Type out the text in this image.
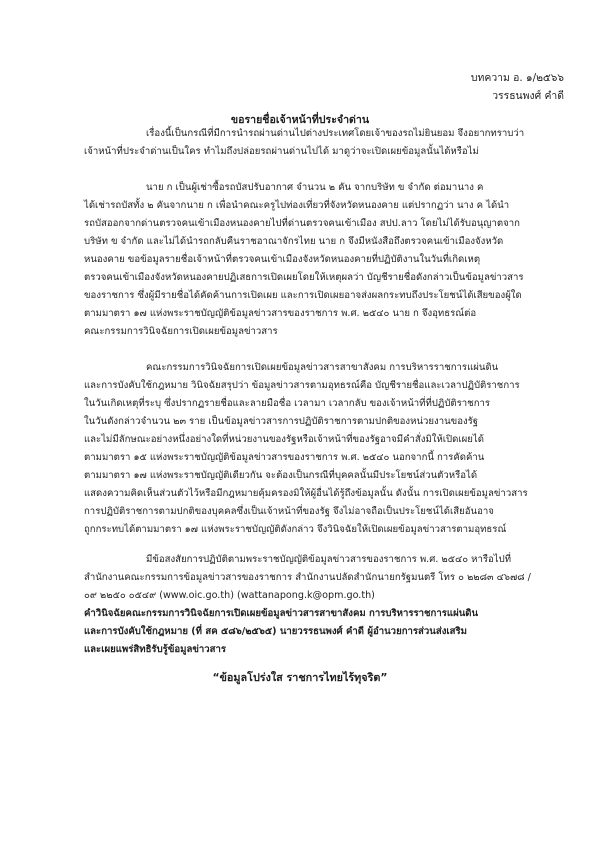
บทความ อ. ๑/๒๕๖๖
วรรธนพงศ์ คำดี
ขอรายชื่อเจ้าหน้าที่ประจำด่าน
เรื่องนี้เป็นกรณีที่มีการนำรถผ่านด่านไปต่างประเทศโดยเจ้าของรถไม่ยินยอม จึงอยากทราบว่า
เจ้าหน้าที่ประจำด่านเป็นใคร ทำไมถึงปล่อยรถผ่านด่านไปได้ มาดูว่าจะเปิดเผยข้อมูลนั้นได้หรือไม่
นาย ก เป็นผู้เช่าซื้อรถบัสปรับอากาศ จำนวน ๒ คัน จากบริษัท ข จำกัด ต่อมานาง ค
ได้เช่ารถบัสทั้ง ๒ คันจากนาย ก เพื่อนำคณะครูไปท่องเที่ยวที่จังหวัดหนองคาย แต่ปรากฏว่า นาง ค ได้นำ
รถบัสออกจากด่านตรวจคนเข้าเมืองหนองคายไปที่ด่านตรวจคนเข้าเมือง สปป.ลาว โดยไม่ได้รับอนุญาตจาก
บริษัท ข จำกัด และไม่ได้นำรถกลับคืนราชอาณาจักรไทย นาย ก จึงมีหนังสือถึงตรวจคนเข้าเมืองจังหวัด
หนองคาย ขอข้อมูลรายชื่อเจ้าหน้าที่ตรวจคนเข้าเมืองจังหวัดหนองคายที่ปฏิบัติงานในวันที่เกิดเหตุ
ตรวจคนเข้าเมืองจังหวัดหนองคายปฏิเสธการเปิดเผยโดยให้เหตุผลว่า บัญชีรายชื่อดังกล่าวเป็นข้อมูลข่าวสาร
ของราชการ ซึ่งผู้มีรายชื่อได้คัดค้านการเปิดเผย และการเปิดเผยอาจส่งผลกระทบถึงประโยชน์ได้เสียของผู้ใด
ตามมาตรา ๑๗ แห่งพระราชบัญญัติข้อมูลข่าวสารของราชการ พ.ศ. ๒๕๔๐ นาย ก จึงอุทธรณ์ต่อ
คณะกรรมการวินิจฉัยการเปิดเผยข้อมูลข่าวสาร
คณะกรรมการวินิจฉัยการเปิดเผยข้อมูลข่าวสารสาขาสังคม การบริหารราชการแผ่นดิน
และการบังคับใช้กฎหมาย วินิจฉัยสรุปว่า ข้อมูลข่าวสารตามอุทธรณ์คือ บัญชีรายชื่อและเวลาปฏิบัติราชการ
ในวันเกิดเหตุที่ระบุ ซึ่งปรากฏรายชื่อและลายมือชื่อ เวลามา เวลากลับ ของเจ้าหน้าที่ที่ปฏิบัติราชการ
ในวันดังกล่าวจำนวน ๒๓ ราย เป็นข้อมูลข่าวสารการปฏิบัติราชการตามปกติของหน่วยงานของรัฐ
และไม่มีลักษณะอย่างหนึ่งอย่างใดที่หน่วยงานของรัฐหรือเจ้าหน้าที่ของรัฐอาจมีคำสั่งมิให้เปิดเผยได้
ตามมาตรา ๑๕ แห่งพระราชบัญญัติข้อมูลข่าวสารของราชการ พ.ศ. ๒๕๔๐ นอกจากนี้ การคัดค้าน
ตามมาตรา ๑๗ แห่งพระราชบัญญัติเดียวกัน จะต้องเป็นกรณีที่บุคคลนั้นมีประโยชน์ส่วนตัวหรือได้
แสดงความคิดเห็นส่วนตัวไว้หรือมีกฎหมายคุ้มครองมิให้ผู้อื่นได้รู้ถึงข้อมูลนั้น ดังนั้น การเปิดเผยข้อมูลข่าวสาร
การปฏิบัติราชการตามปกติของบุคคลซึ่งเป็นเจ้าหน้าที่ของรัฐ จึงไม่อาจถือเป็นประโยชน์ได้เสียอันอาจ
ถูกกระทบได้ตามมาตรา ๑๗ แห่งพระราชบัญญัติดังกล่าว จึงวินิจฉัยให้เปิดเผยข้อมูลข่าวสารตามอุทธรณ์
มีข้อสงสัยการปฏิบัติตามพระราชบัญญัติข้อมูลข่าวสารของราชการ พ.ศ. ๒๕๔๐ หารือไปที่
สำนักงานคณะกรรมการข้อมูลข่าวสารของราชการ สำนักงานปลัดสำนักนายกรัฐมนตรี โทร ๐ ๒๒๘๓ ๔๖๗๘ /
๐๙ ๒๒๕๐ ๐๕๔๙ (www.oic.go.th) (wattanapong.k@opm.go.th)
คำวินิจฉัยคณะกรรมการวินิจฉัยการเปิดเผยข้อมูลข่าวสารสาขาสังคม การบริหารราชการแผ่นดิน
และการบังคับใช้กฎหมาย (ที่ สค ๕๘๖/๒๕๖๕) นายวรรธนพงศ์ คำดี ผู้อำนวยการส่วนส่งเสริม
และเผยแพร่สิทธิรับรู้ข้อมูลข่าวสาร
“ข้อมูลโปร่งใส ราชการไทยไร้ทุจริต”
